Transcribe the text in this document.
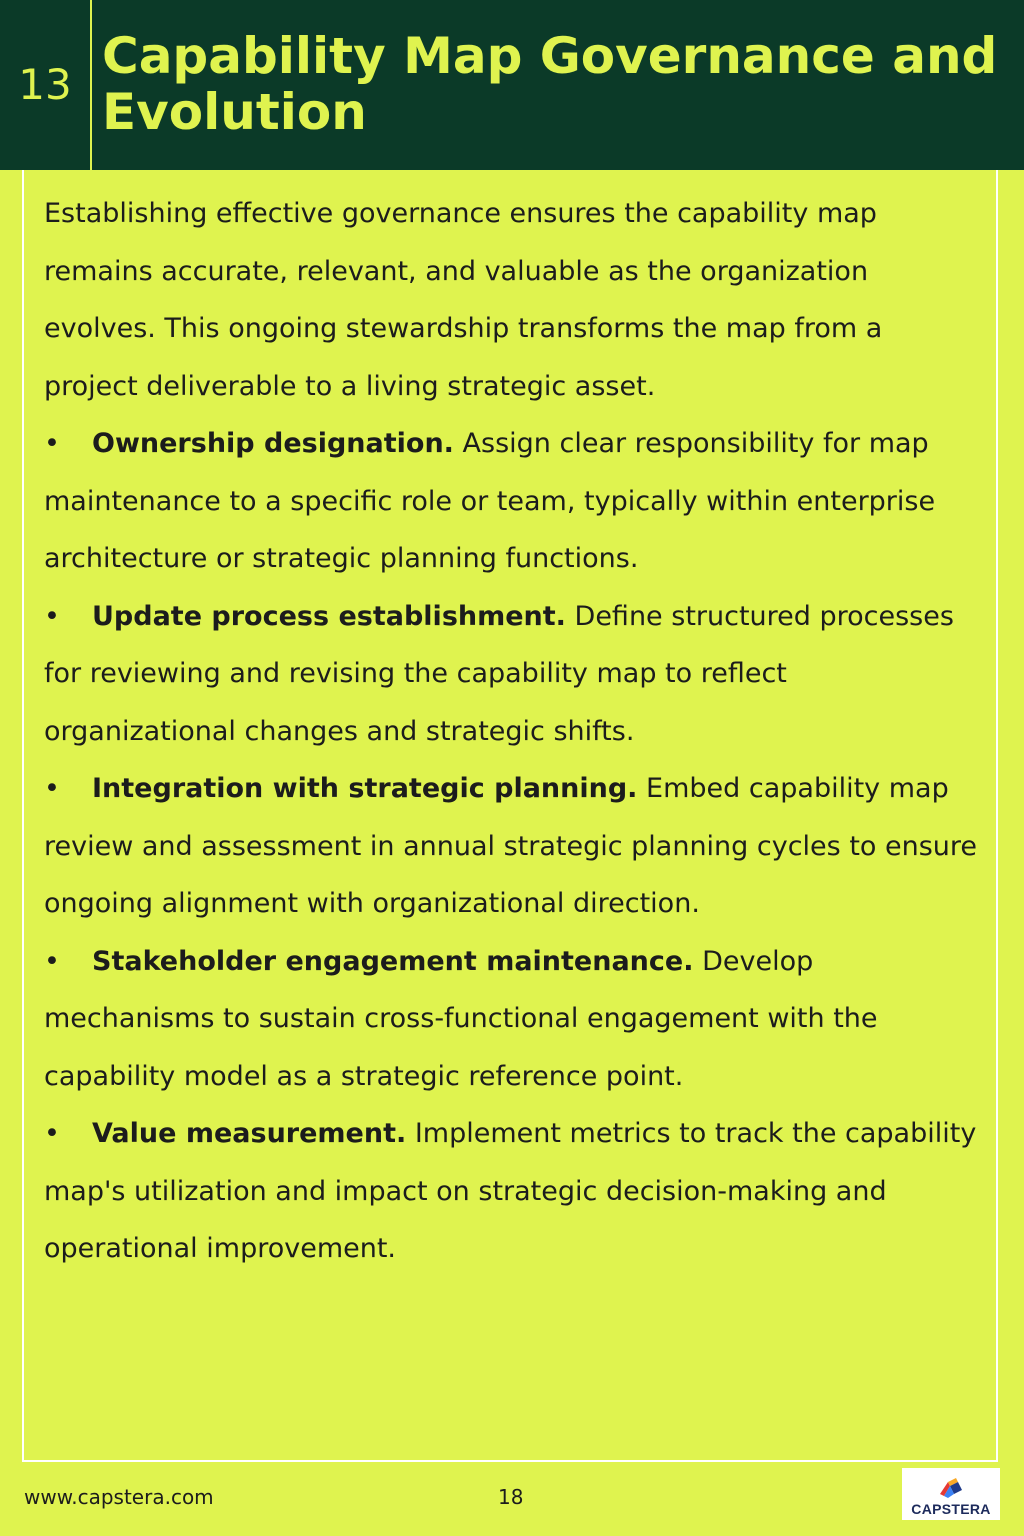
13 Capability Map Governance and Evolution

Establishing effective governance ensures the capability map remains accurate, relevant, and valuable as the organization evolves. This ongoing stewardship transforms the map from a project deliverable to a living strategic asset.

• Ownership designation. Assign clear responsibility for map maintenance to a specific role or team, typically within enterprise architecture or strategic planning functions.

• Update process establishment. Define structured processes for reviewing and revising the capability map to reflect organizational changes and strategic shifts.

• Integration with strategic planning. Embed capability map review and assessment in annual strategic planning cycles to ensure ongoing alignment with organizational direction.

• Stakeholder engagement maintenance. Develop mechanisms to sustain cross-functional engagement with the capability model as a strategic reference point.

• Value measurement. Implement metrics to track the capability map's utilization and impact on strategic decision-making and operational improvement.

www.capstera.com	18	CAPSTERA
